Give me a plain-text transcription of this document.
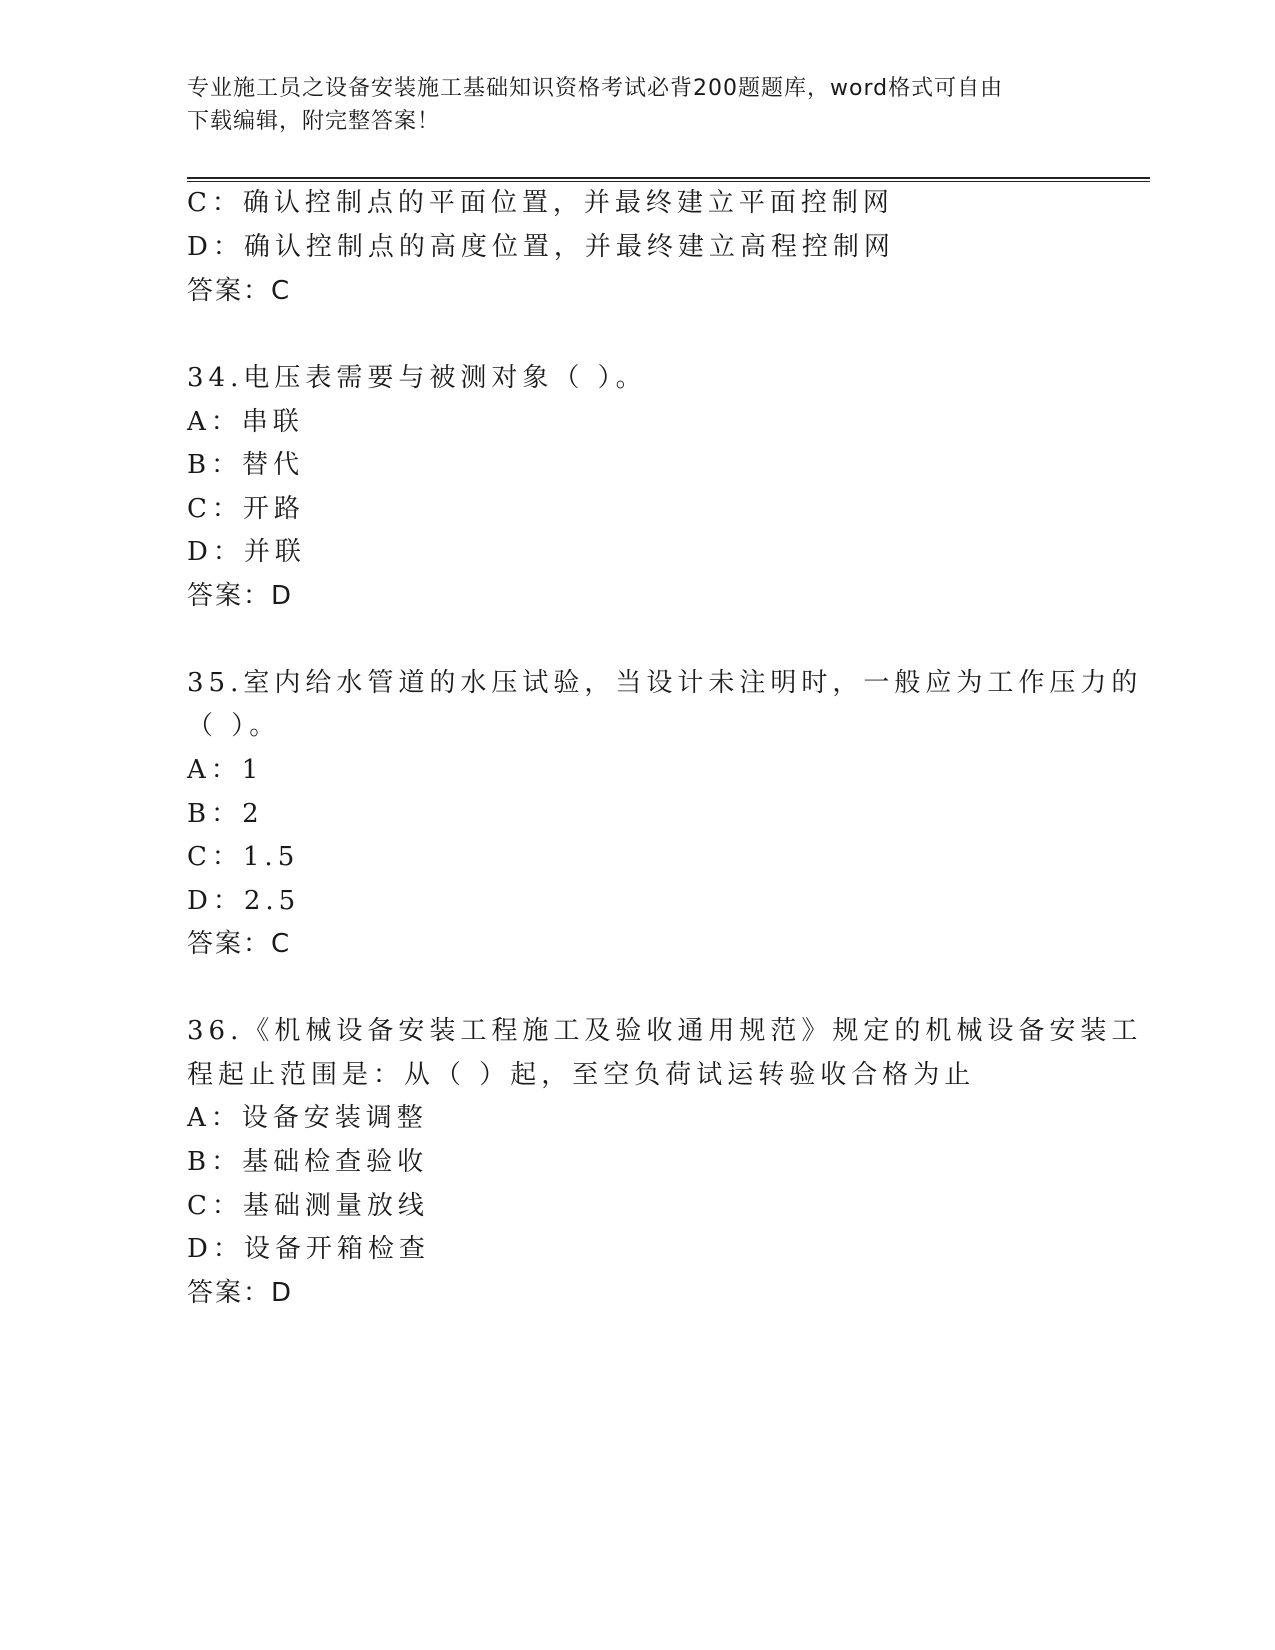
专业施工员之设备安装施工基础知识资格考试必背200题题库，word格式可自由
下载编辑，附完整答案！
C：确认控制点的平面位置，并最终建立平面控制网
D：确认控制点的高度位置，并最终建立高程控制网
答案：C
34.电压表需要与被测对象（ ）。
A：串联
B：替代
C：开路
D：并联
答案：D
35.室内给水管道的水压试验，当设计未注明时，一般应为工作压力的
（ ）。
A：1
B：2
C：1.5
D：2.5
答案：C
36.《机械设备安装工程施工及验收通用规范》规定的机械设备安装工
程起止范围是：从（ ）起，至空负荷试运转验收合格为止
A：设备安装调整
B：基础检查验收
C：基础测量放线
D：设备开箱检查
答案：D
